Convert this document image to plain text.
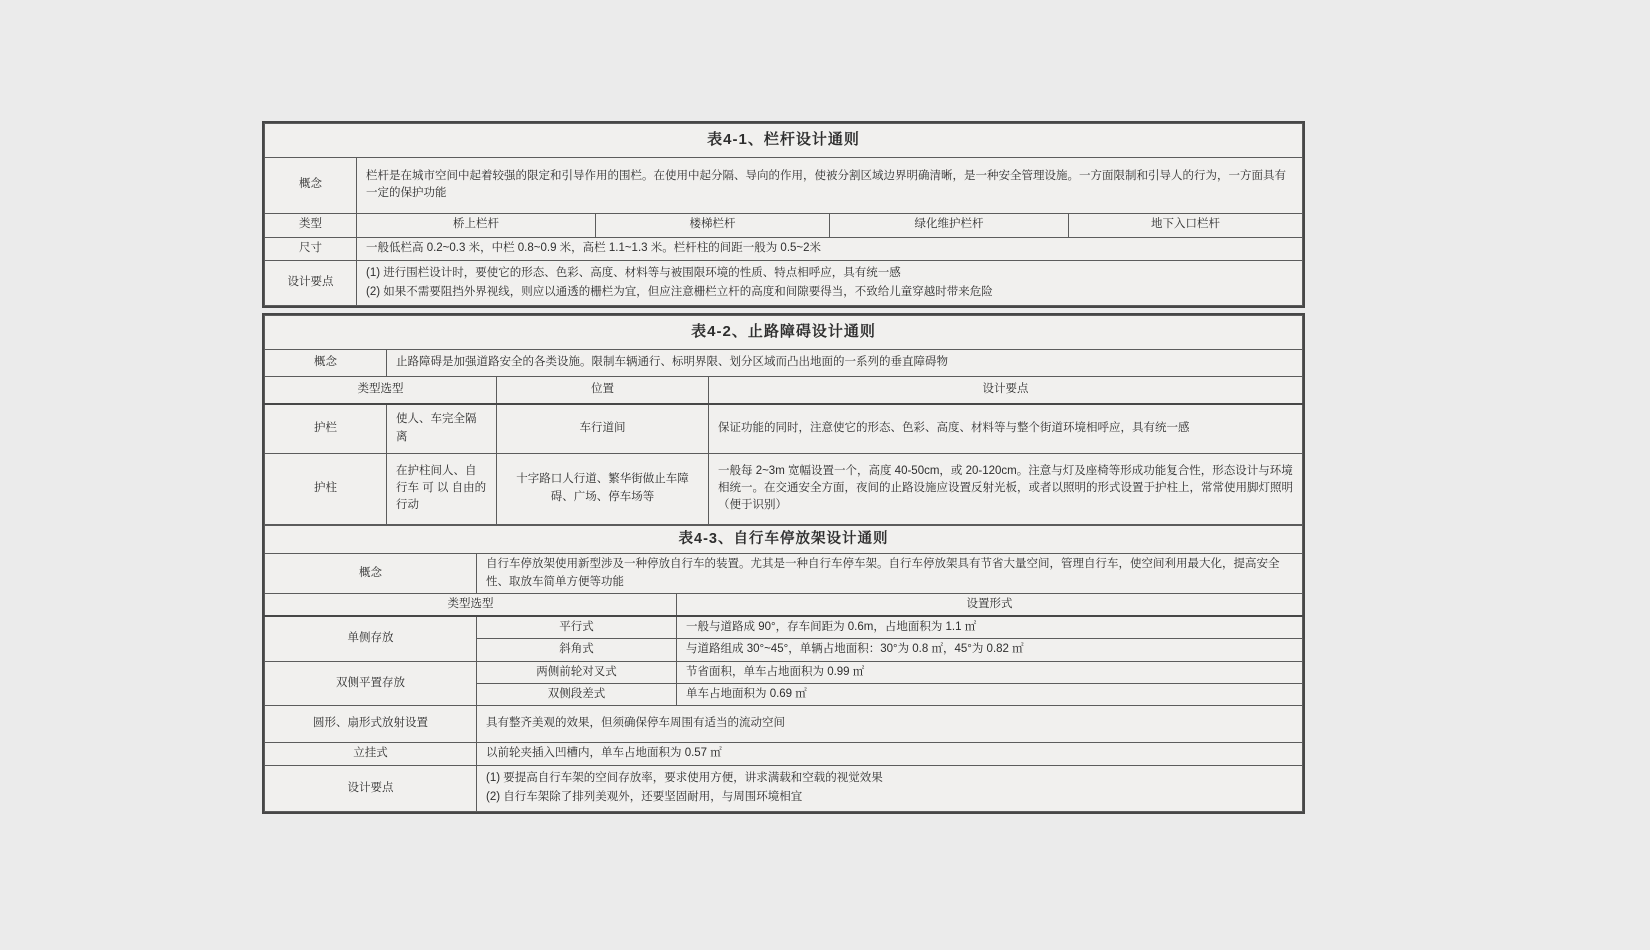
表4-1、栏杆设计通则				
概念	栏杆是在城市空间中起着较强的限定和引导作用的围栏。在使用中起分隔、导向的作用，使被分割区域边界明确清晰，是一种安全管理设施。一方面限制和引导人的行为，一方面具有一定的保护功能			
类型	桥上栏杆	楼梯栏杆	绿化维护栏杆	地下入口栏杆
尺寸	一般低栏高 0.2~0.3 米，中栏 0.8~0.9 米，高栏 1.1~1.3 米。栏杆柱的间距一般为 0.5~2米			
设计要点	(1) 进行围栏设计时，要使它的形态、色彩、高度、材料等与被围限环境的性质、特点相呼应，具有统一感
(2) 如果不需要阻挡外界视线，则应以通透的栅栏为宜，但应注意栅栏立杆的高度和间隙要得当，不致给儿童穿越时带来危险			
表4-2、止路障碍设计通则			
概念	止路障碍是加强道路安全的各类设施。限制车辆通行、标明界限、划分区域而凸出地面的一系列的垂直障碍物		
类型选型		位置	设计要点
护栏	使人、车完全隔离	车行道间	保证功能的同时，注意使它的形态、色彩、高度、材料等与整个街道环境相呼应，具有统一感
护柱	在护柱间人、自行车 可 以 自由的行动	十字路口人行道、繁华街做止车障碍、广场、停车场等	一般每 2~3m 宽幅设置一个，高度 40-50cm，或 20-120cm。注意与灯及座椅等形成功能复合性，形态设计与环境相统一。在交通安全方面，夜间的止路设施应设置反射光板，或者以照明的形式设置于护柱上，常常使用脚灯照明（便于识别）
表4-3、自行车停放架设计通则		
概念	自行车停放架使用新型涉及一种停放自行车的装置。尤其是一种自行车停车架。自行车停放架具有节省大量空间，管理自行车，使空间利用最大化，提高安全性、取放车简单方便等功能	
类型选型		设置形式
单侧存放	平行式	一般与道路成 90°，存车间距为 0.6m，占地面积为 1.1 ㎡
	斜角式	与道路组成 30°~45°，单辆占地面积：30°为 0.8 ㎡，45°为 0.82 ㎡
双侧平置存放	两侧前轮对叉式	节省面积，单车占地面积为 0.99 ㎡
	双侧段差式	单车占地面积为 0.69 ㎡
圆形、扇形式放射设置	具有整齐美观的效果，但须确保停车周围有适当的流动空间	
立挂式	以前轮夹插入凹槽内，单车占地面积为 0.57 ㎡	
设计要点	(1) 要提高自行车架的空间存放率，要求使用方便，讲求满载和空载的视觉效果
(2) 自行车架除了排列美观外，还要坚固耐用，与周围环境相宜	
